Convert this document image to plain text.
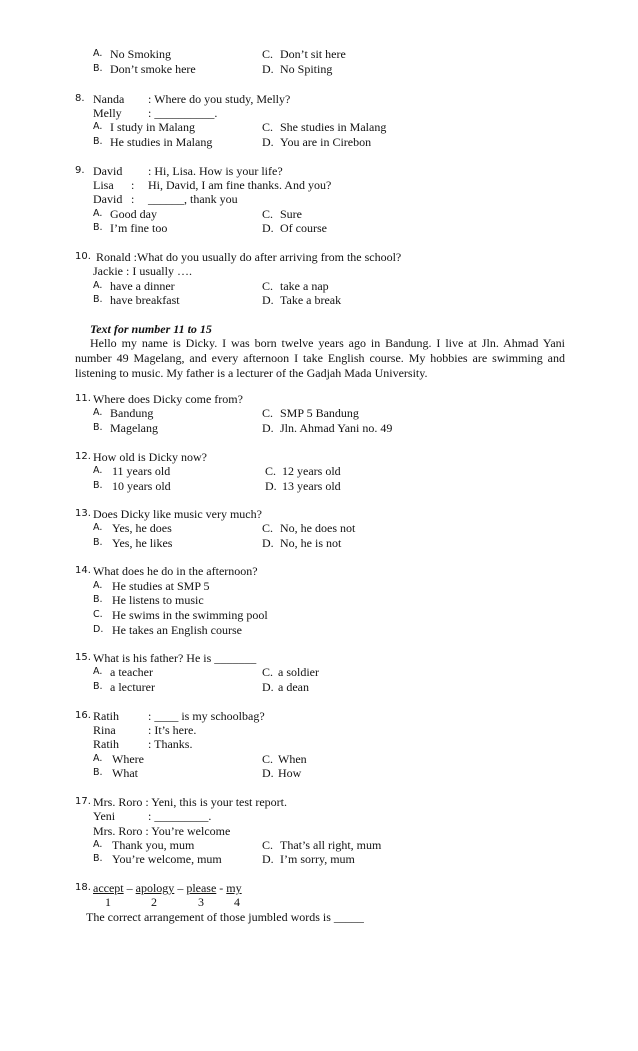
A. No Smoking	C. Don’t sit here
B. Don’t smoke here	D. No Spiting
8. Nanda : Where do you study, Melly?
Melly : __________.
A. I study in Malang	C. She studies in Malang
B. He studies in Malang	D. You are in Cirebon
9. David : Hi, Lisa. How is your life?
Lisa : Hi, David, I am fine thanks. And you?
David : ______, thank you
A. Good day	C. Sure
B. I’m fine too	D. Of course
10. Ronald :What do you usually do after arriving from the school?
Jackie : I usually ….
A. have a dinner	C. take a nap
B. have breakfast	D. Take a break
Text for number 11 to 15
Hello my name is Dicky. I was born twelve years ago in Bandung. I live at Jln. Ahmad Yani number 49 Magelang, and every afternoon I take English course. My hobbies are swimming and listening to music. My father is a lecturer of the Gadjah Mada University.
11. Where does Dicky come from?
A. Bandung	C. SMP 5 Bandung
B. Magelang	D. Jln. Ahmad Yani no. 49
12. How old is Dicky now?
A. 11 years old	C. 12 years old
B. 10 years old	D. 13 years old
13. Does Dicky like music very much?
A. Yes, he does	C. No, he does not
B. Yes, he likes	D. No, he is not
14. What does he do in the afternoon?
A. He studies at SMP 5
B. He listens to music
C. He swims in the swimming pool
D. He takes an English course
15. What is his father? He is _______
A. a teacher	C. a soldier
B. a lecturer	D. a dean
16. Ratih : ____ is my schoolbag?
Rina	: It’s here.
Ratih : Thanks.
A. Where	C. When
B. What	D. How
17. Mrs. Roro : Yeni, this is your test report.
Yeni	: _________.
Mrs. Roro : You’re welcome
A. Thank you, mum	C. That’s all right, mum
B. You’re welcome, mum	D. I’m sorry, mum
18. accept – apology – please - my
1	2	3	4
The correct arrangement of those jumbled words is _____
